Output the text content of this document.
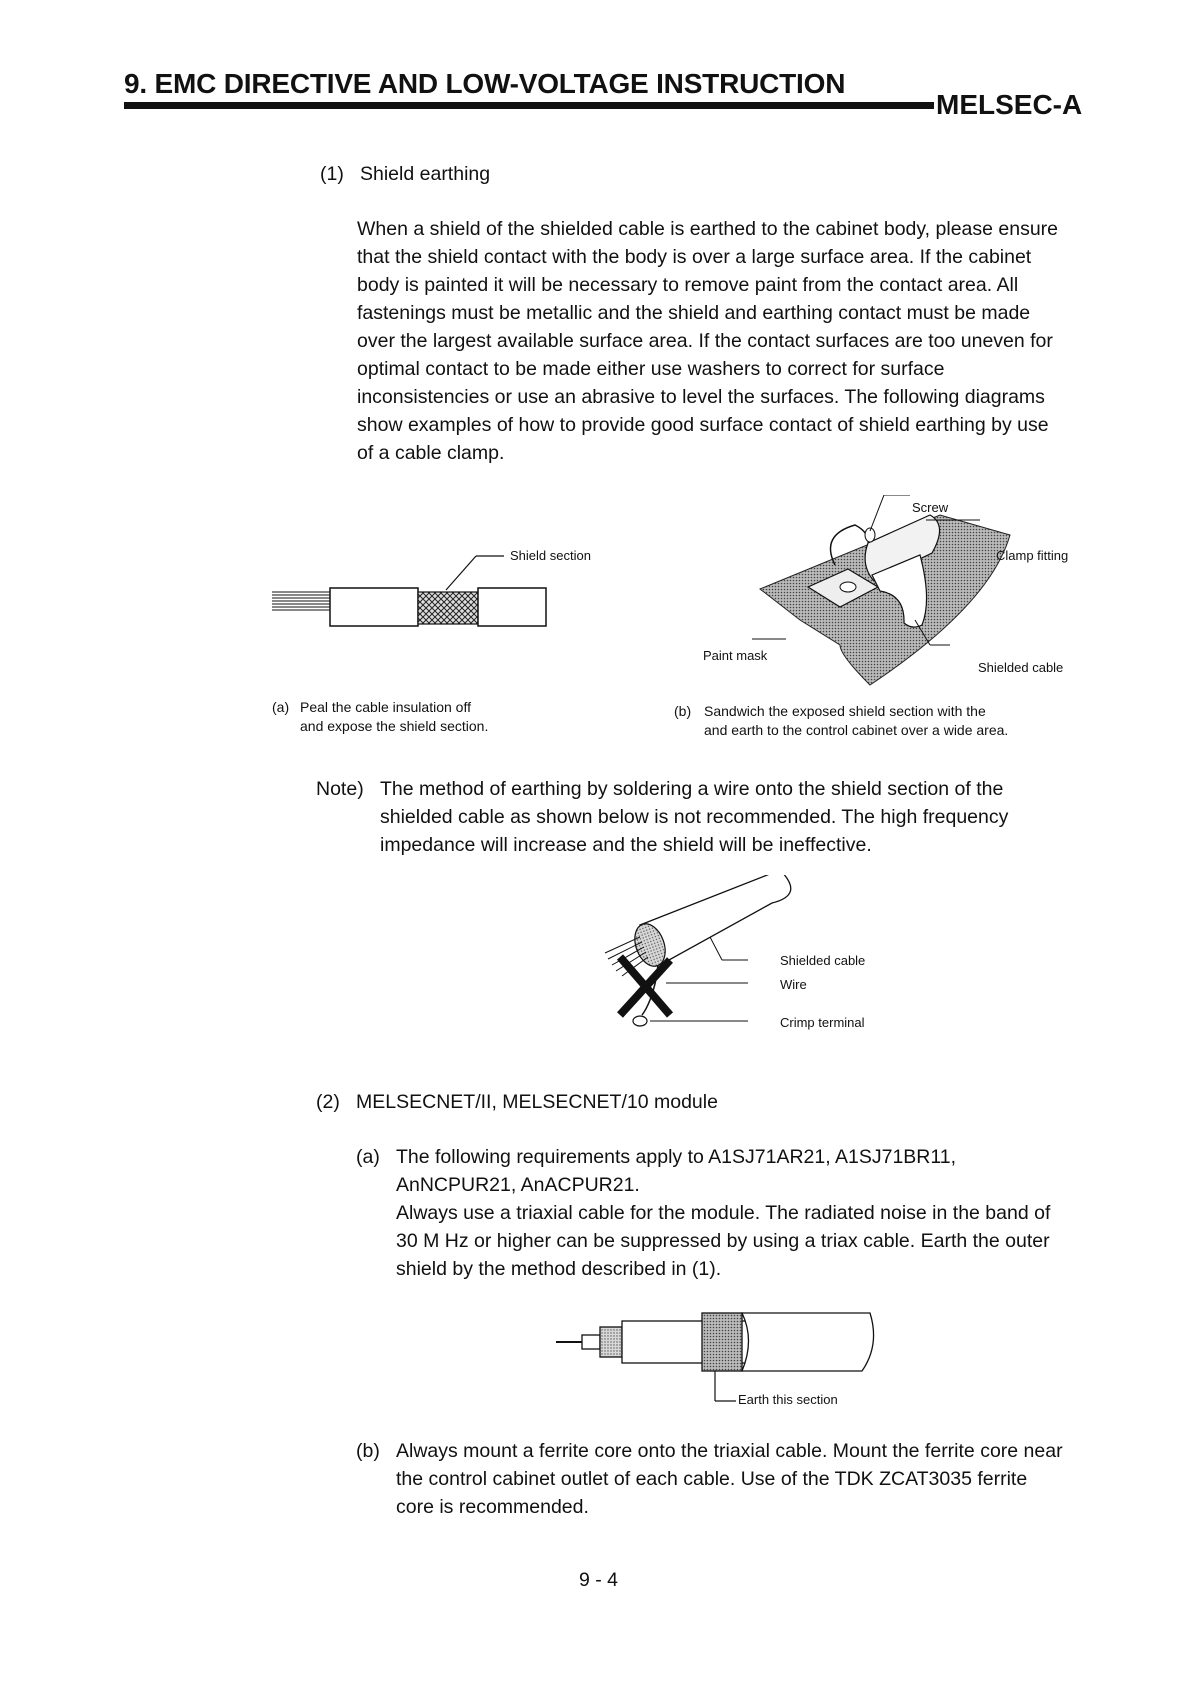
9. EMC DIRECTIVE AND LOW-VOLTAGE INSTRUCTION
MELSEC-A
(1) Shield earthing
When a shield of the shielded cable is earthed to the cabinet body, please ensure
that the shield contact with the body is over a large surface area. If the cabinet
body is painted it will be necessary to remove paint from the contact area. All
fastenings must be metallic and the shield and earthing contact must be made
over the largest available surface area. If the contact surfaces are too uneven for
optimal contact to be made either use washers to correct for surface
inconsistencies or use an abrasive to level the surfaces. The following diagrams
show examples of how to provide good surface contact of shield earthing by use
of a cable clamp.
Shield section
(a) Peal the cable insulation off
and expose the shield section.
Screw
Clamp fitting
Paint mask
Shielded cable
(b) Sandwich the exposed shield section with the
and earth to the control cabinet over a wide area.
Note) The method of earthing by soldering a wire onto the shield section of the
shielded cable as shown below is not recommended. The high frequency
impedance will increase and the shield will be ineffective.
Shielded cable
Wire
Crimp terminal
(2) MELSECNET/II, MELSECNET/10 module
(a) The following requirements apply to A1SJ71AR21, A1SJ71BR11,
AnNCPUR21, AnACPUR21.
Always use a triaxial cable for the module. The radiated noise in the band of
30 M Hz or higher can be suppressed by using a triax cable. Earth the outer
shield by the method described in (1).
Earth this section
(b) Always mount a ferrite core onto the triaxial cable. Mount the ferrite core near
the control cabinet outlet of each cable. Use of the TDK ZCAT3035 ferrite
core is recommended.
9 - 4
